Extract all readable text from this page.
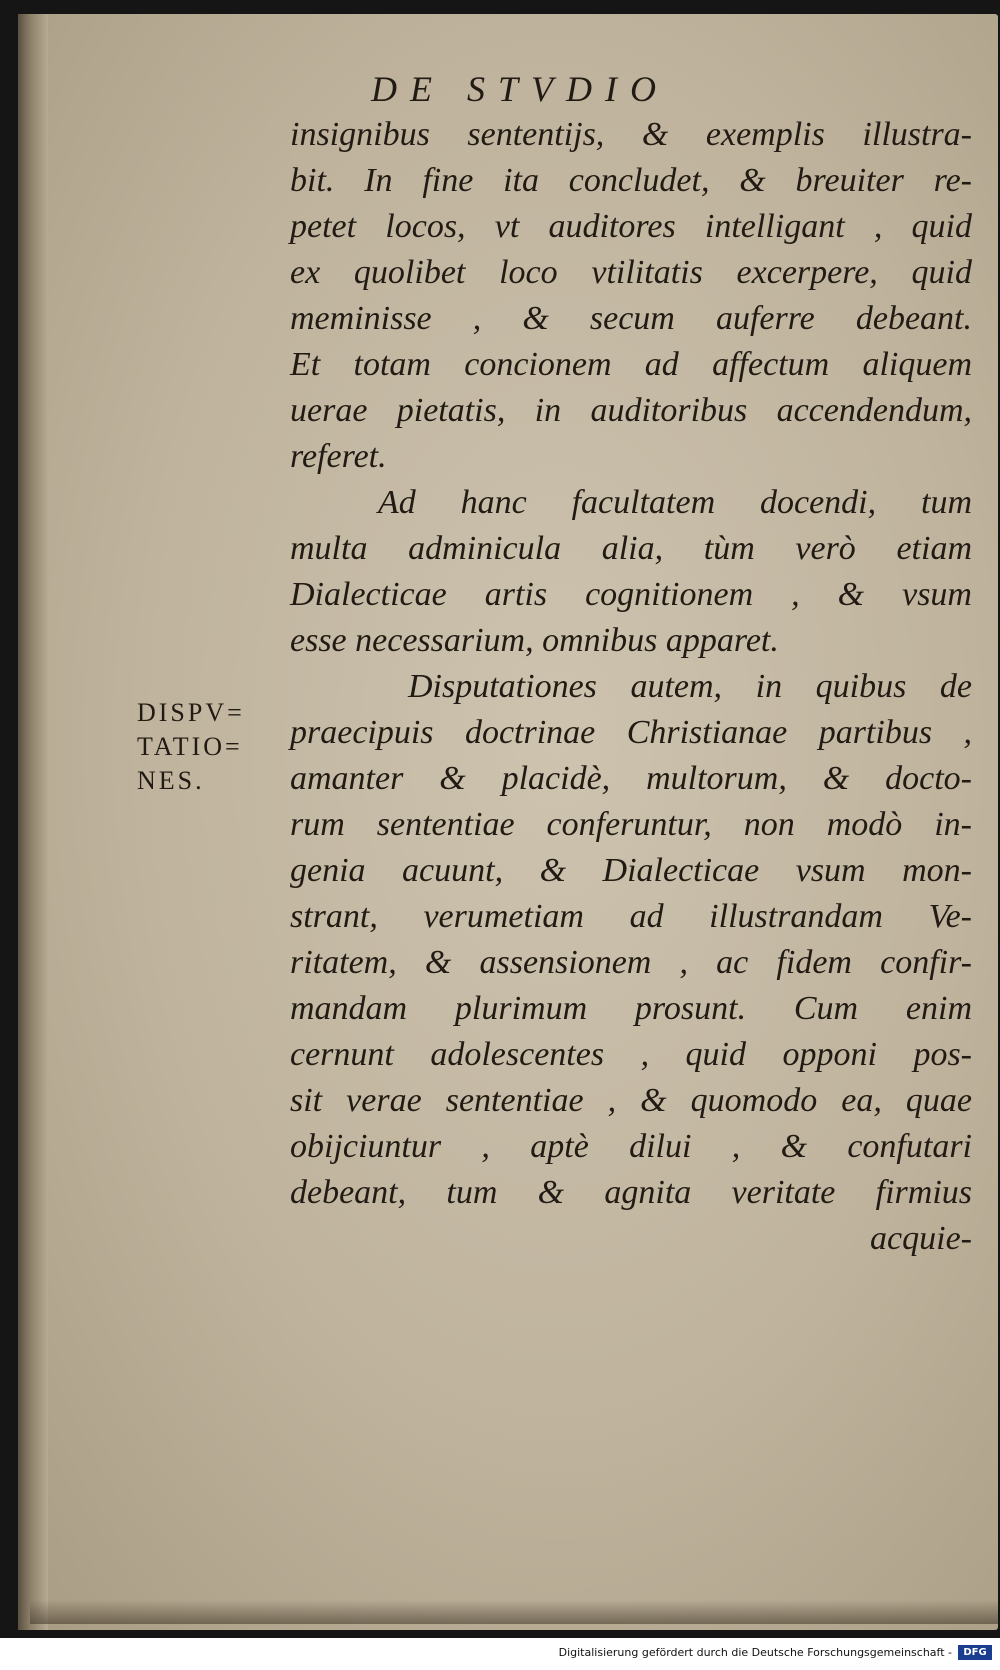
DE STVDIO
DISPV=
TATIO=
NES.
insignibus sententijs, & exemplis illustra-
bit. In fine ita concludet, & breuiter re-
petet locos, vt auditores intelligant , quid
ex quolibet loco vtilitatis excerpere, quid
meminisse , & secum auferre debeant.
Et totam concionem ad affectum aliquem
uerae pietatis, in auditoribus accendendum,
referet.
Ad hanc facultatem docendi, tum
multa adminicula alia, tùm verò etiam
Dialecticae artis cognitionem , & vsum
esse necessarium, omnibus apparet.
Disputationes autem, in quibus de
praecipuis doctrinae Christianae partibus ,
amanter & placidè, multorum, & docto-
rum sententiae conferuntur, non modò in-
genia acuunt, & Dialecticae vsum mon-
strant, verumetiam ad illustrandam Ve-
ritatem, & assensionem , ac fidem confir-
mandam plurimum prosunt. Cum enim
cernunt adolescentes , quid opponi pos-
sit verae sententiae , & quomodo ea, quae
obijciuntur , aptè dilui , & confutari
debeant, tum & agnita veritate firmius
acquie-
Digitalisierung gefördert durch die Deutsche Forschungsgemeinschaft -	DFG
